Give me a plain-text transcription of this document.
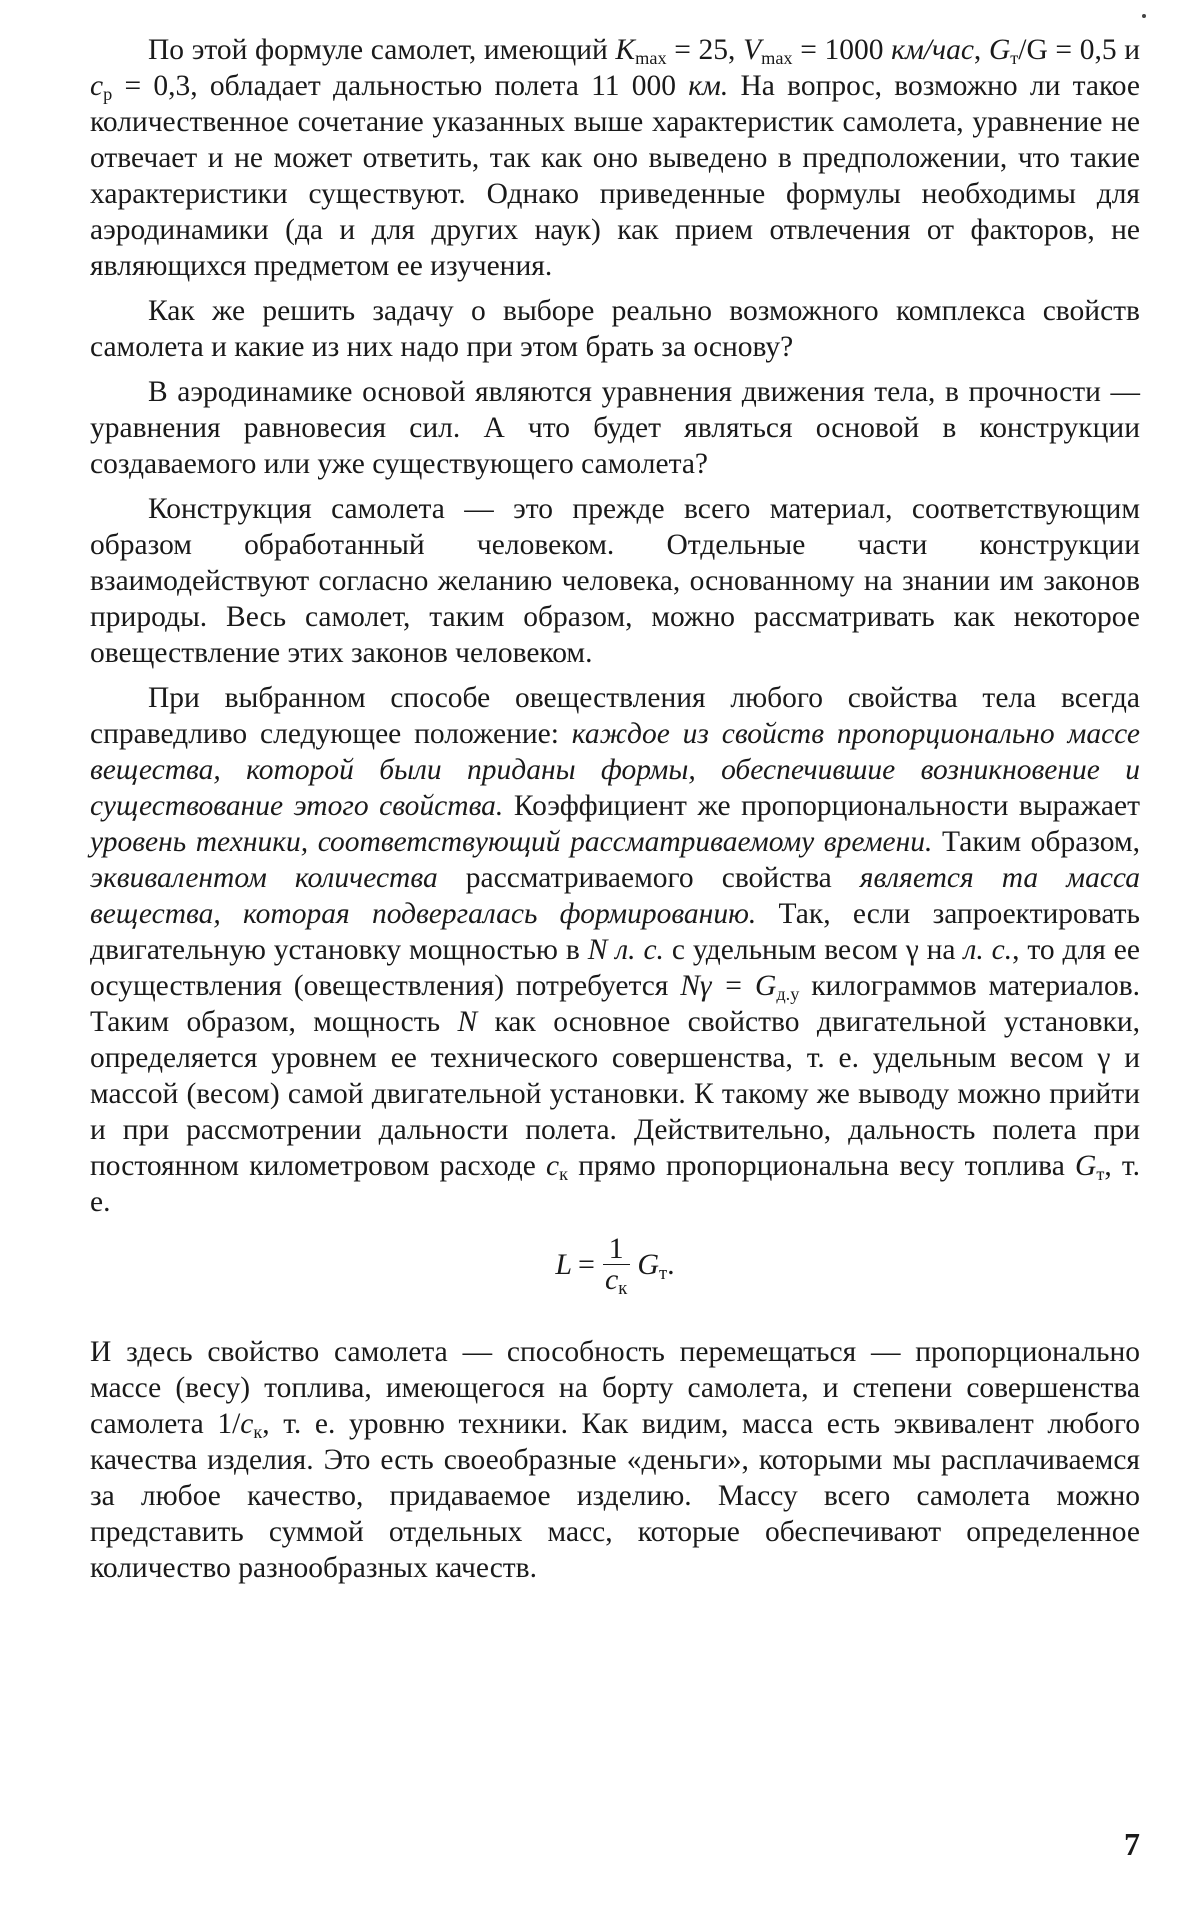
По этой формуле самолет, имеющий $K_{max} = 25$, $V_{max} = 1000$ км/час, $G_т/G = 0,5$ и $c_p = 0,3$, обладает дальностью полета 11 000 км. На вопрос, возможно ли такое количественное сочетание указанных выше характеристик самолета, уравнение не отвечает и не может ответить, так как оно выведено в предположении, что такие характеристики существуют. Однако приведенные формулы необходимы для аэродинамики (да и для других наук) как прием отвлечения от факторов, не являющихся предметом ее изучения.

Как же решить задачу о выборе реально возможного комплекса свойств самолета и какие из них надо при этом брать за основу?

В аэродинамике основой являются уравнения движения тела, в прочности — уравнения равновесия сил. А что будет являться основой в конструкции создаваемого или уже существующего самолета?

Конструкция самолета — это прежде всего материал, соответствующим образом обработанный человеком. Отдельные части конструкции взаимодействуют согласно желанию человека, основанному на знании им законов природы. Весь самолет, таким образом, можно рассматривать как некоторое овеществление этих законов человеком.

При выбранном способе овеществления любого свойства тела всегда справедливо следующее положение: каждое из свойств пропорционально массе вещества, которой были приданы формы, обеспечившие возникновение и существование этого свойства. Коэффициент же пропорциональности выражает уровень техники, соответствующий рассматриваемому времени. Таким образом, эквивалентом количества рассматриваемого свойства является та масса вещества, которая подвергалась формированию. Так, если запроектировать двигательную установку мощностью в N л. с. с удельным весом γ на л. с., то для ее осуществления (овеществления) потребуется $N\gamma = G_{д.у}$ килограммов материалов. Таким образом, мощность N как основное свойство двигательной установки, определяется уровнем ее технического совершенства, т. е. удельным весом γ и массой (весом) самой двигательной установки. К такому же выводу можно прийти и при рассмотрении дальности полета. Действительно, дальность полета при постоянном километровом расходе $c_к$ прямо пропорциональна весу топлива $G_т$, т. е.

$L = \frac{1}{c_к} G_т$.

И здесь свойство самолета — способность перемещаться — пропорционально массе (весу) топлива, имеющегося на борту самолета, и степени совершенства самолета $1/c_к$, т. е. уровню техники. Как видим, масса есть эквивалент любого качества изделия. Это есть своеобразные «деньги», которыми мы расплачиваемся за любое качество, придаваемое изделию. Массу всего самолета можно представить суммой отдельных масс, которые обеспечивают определенное количество разнообразных качеств.

7
